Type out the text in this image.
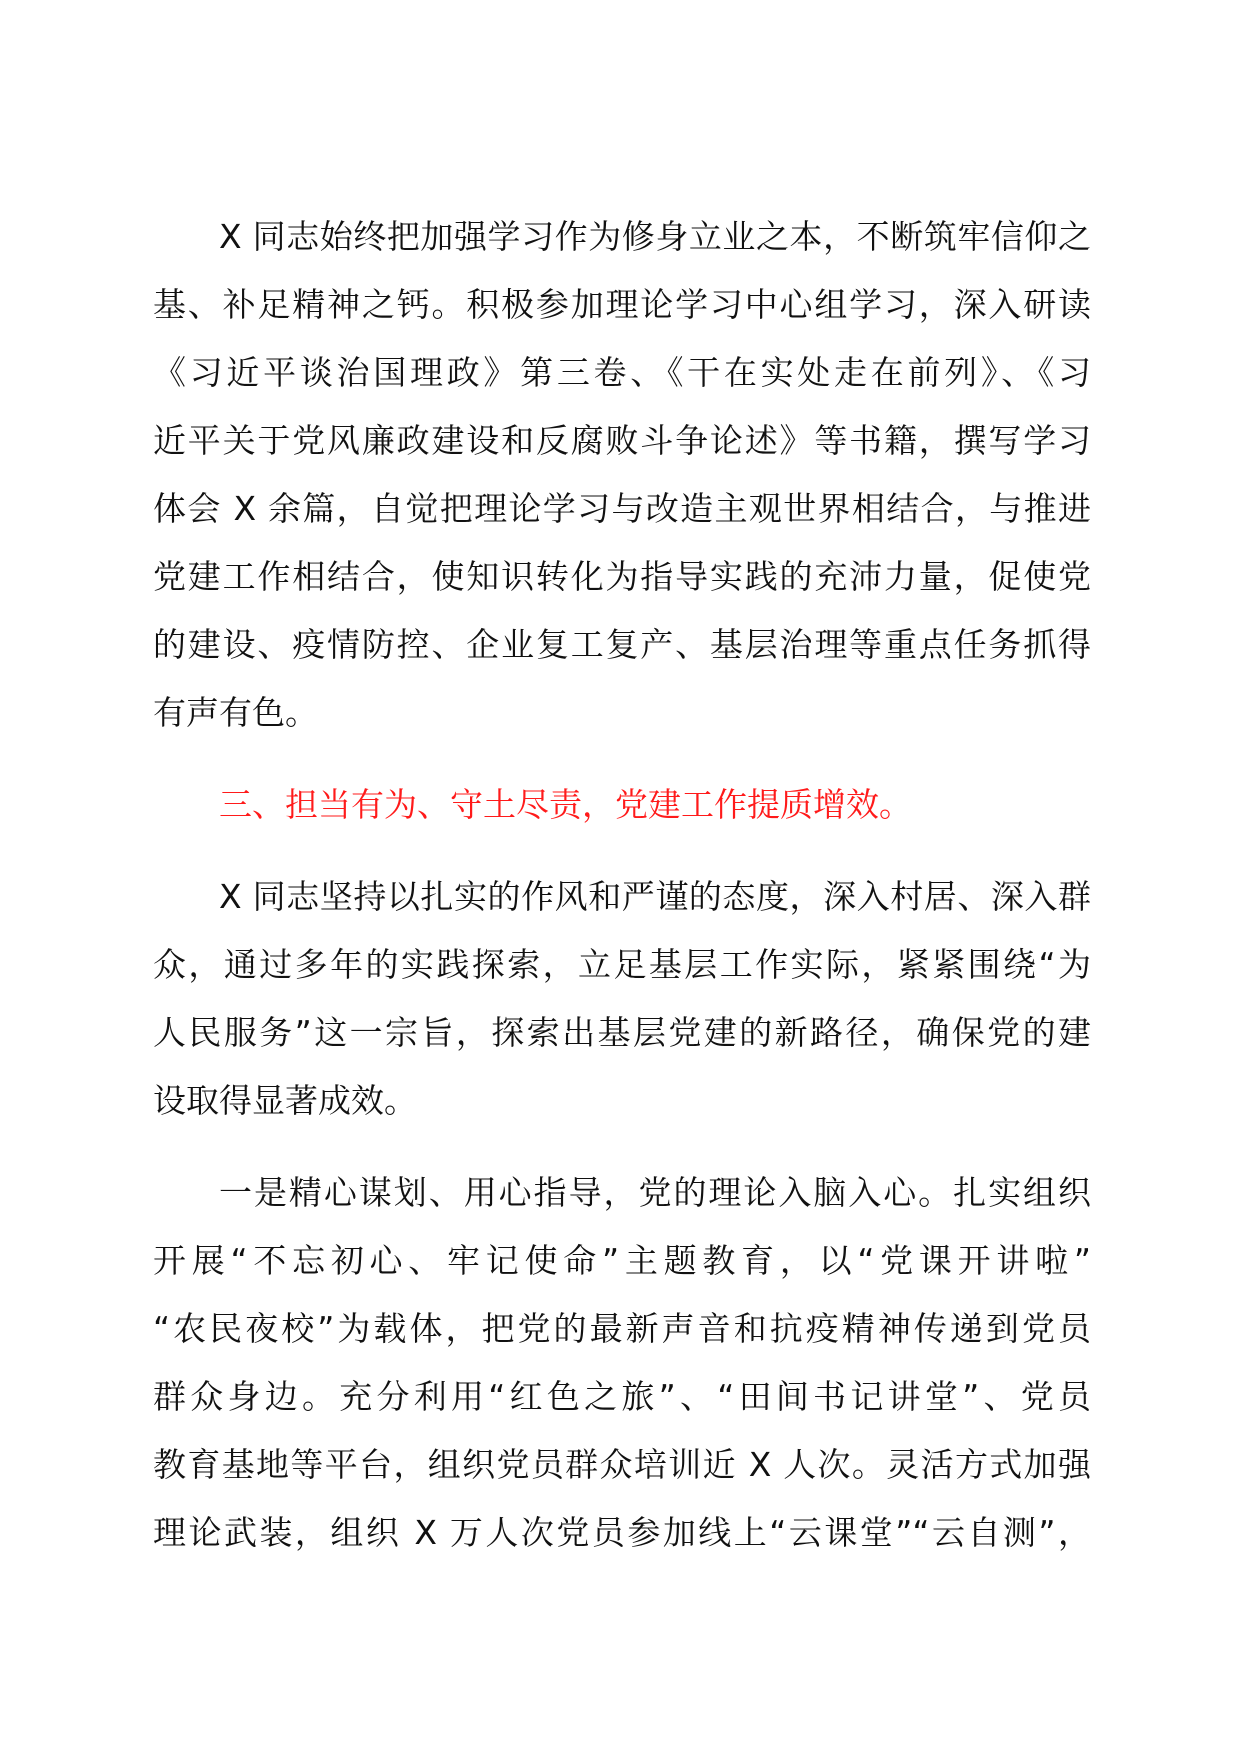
X 同志始终把加强学习作为修身立业之本，不断筑牢信仰之
基、补足精神之钙。积极参加理论学习中心组学习，深入研读
《习近平谈治国理政》第三卷、《干在实处走在前列》、《习
近平关于党风廉政建设和反腐败斗争论述》等书籍，撰写学习
体会 X 余篇，自觉把理论学习与改造主观世界相结合，与推进
党建工作相结合，使知识转化为指导实践的充沛力量，促使党
的建设、疫情防控、企业复工复产、基层治理等重点任务抓得
有声有色。
三、担当有为、守土尽责，党建工作提质增效。
X 同志坚持以扎实的作风和严谨的态度，深入村居、深入群
众，通过多年的实践探索，立足基层工作实际，紧紧围绕“为
人民服务”这一宗旨，探索出基层党建的新路径，确保党的建
设取得显著成效。
一是精心谋划、用心指导，党的理论入脑入心。扎实组织
开展“不忘初心、牢记使命”主题教育，以“党课开讲啦”
“农民夜校”为载体，把党的最新声音和抗疫精神传递到党员
群众身边。充分利用“红色之旅”、“田间书记讲堂”、党员
教育基地等平台，组织党员群众培训近 X 人次。灵活方式加强
理论武装，组织 X 万人次党员参加线上“云课堂”“云自测”，
